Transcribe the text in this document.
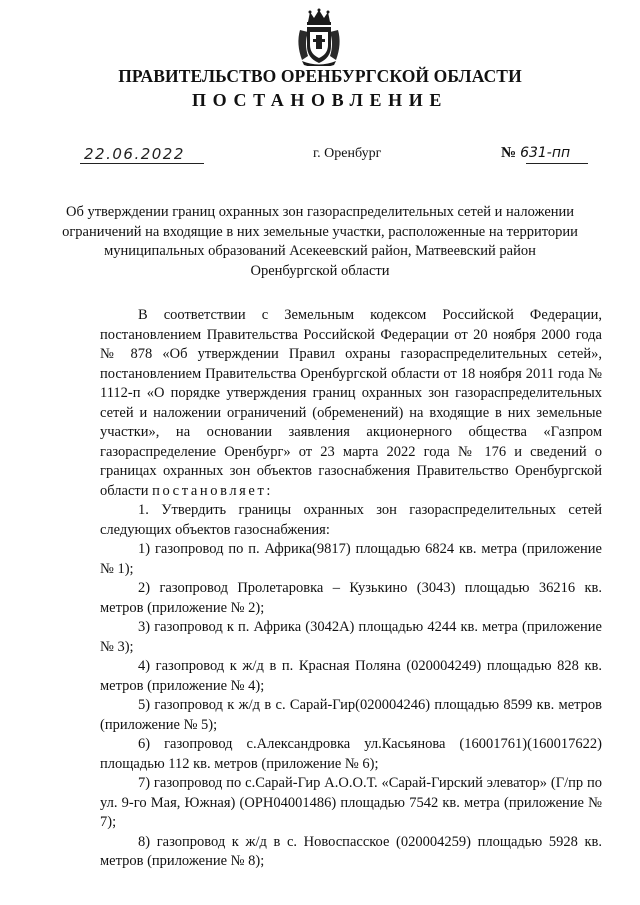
ПРАВИТЕЛЬСТВО ОРЕНБУРГСКОЙ ОБЛАСТИ
ПОСТАНОВЛЕНИЕ
22.06.2022	г. Оренбург	№ 631-пп
Об утверждении границ охранных зон газораспределительных сетей и наложении ограничений на входящие в них земельные участки, расположенные на территории муниципальных образований Асекеевский район, Матвеевский район Оренбургской области

В соответствии с Земельным кодексом Российской Федерации, постановлением Правительства Российской Федерации от 20 ноября 2000 года № 878 «Об утверждении Правил охраны газораспределительных сетей», постановлением Правительства Оренбургской области от 18 ноября 2011 года № 1112-п «О порядке утверждения границ охранных зон газораспределительных сетей и наложении ограничений (обременений) на входящие в них земельные участки», на основании заявления акционерного общества «Газпром газораспределение Оренбург» от 23 марта 2022 года № 176 и сведений о границах охранных зон объектов газоснабжения Правительство Оренбургской области постановляет:

1. Утвердить границы охранных зон газораспределительных сетей следующих объектов газоснабжения:

1) газопровод по п. Африка(9817) площадью 6824 кв. метра (приложение № 1);

2) газопровод Пролетаровка – Кузькино (3043) площадью 36216 кв. метров (приложение № 2);

3) газопровод к п. Африка (3042А) площадью 4244 кв. метра (приложение № 3);

4) газопровод к ж/д в п. Красная Поляна (020004249) площадью 828 кв. метров (приложение № 4);

5) газопровод к ж/д в с. Сарай-Гир(020004246) площадью 8599 кв. метров (приложение № 5);

6) газопровод с.Александровка ул.Касьянова (16001761)(160017622) площадью 112 кв. метров (приложение № 6);

7) газопровод по с.Сарай-Гир А.О.О.Т. «Сарай-Гирский элеватор» (Г/пр по ул. 9-го Мая, Южная) (ОРН04001486) площадью 7542 кв. метра (приложение № 7);

8) газопровод к ж/д в с. Новоспасское (020004259) площадью 5928 кв. метров (приложение № 8);
